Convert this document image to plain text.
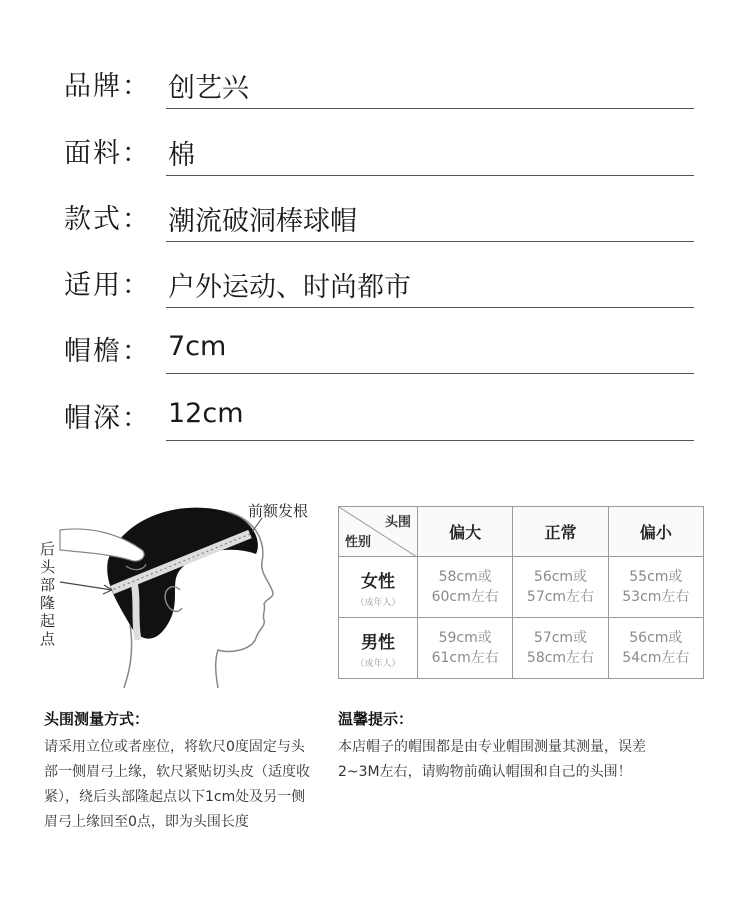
品牌： 创艺兴
面料： 棉
款式： 潮流破洞棒球帽
适用： 户外运动、时尚都市
帽檐： 7cm
帽深： 12cm
前额发根
后头部隆起点
头围
性别	偏大	正常	偏小

女性
（成年人）	58cm或60cm左右	56cm或57cm左右	55cm或53cm左右

男性
（成年人）	59cm或61cm左右	57cm或58cm左右	56cm或54cm左右
头围测量方式：
请采用立位或者座位，将软尺0度固定与头部一侧眉弓上缘，软尺紧贴切头皮（适度收紧），绕后头部隆起点以下1cm处及另一侧眉弓上缘回至0点，即为头围长度
温馨提示：
本店帽子的帽围都是由专业帽围测量其测量，误差2~3M左右，请购物前确认帽围和自己的头围！
